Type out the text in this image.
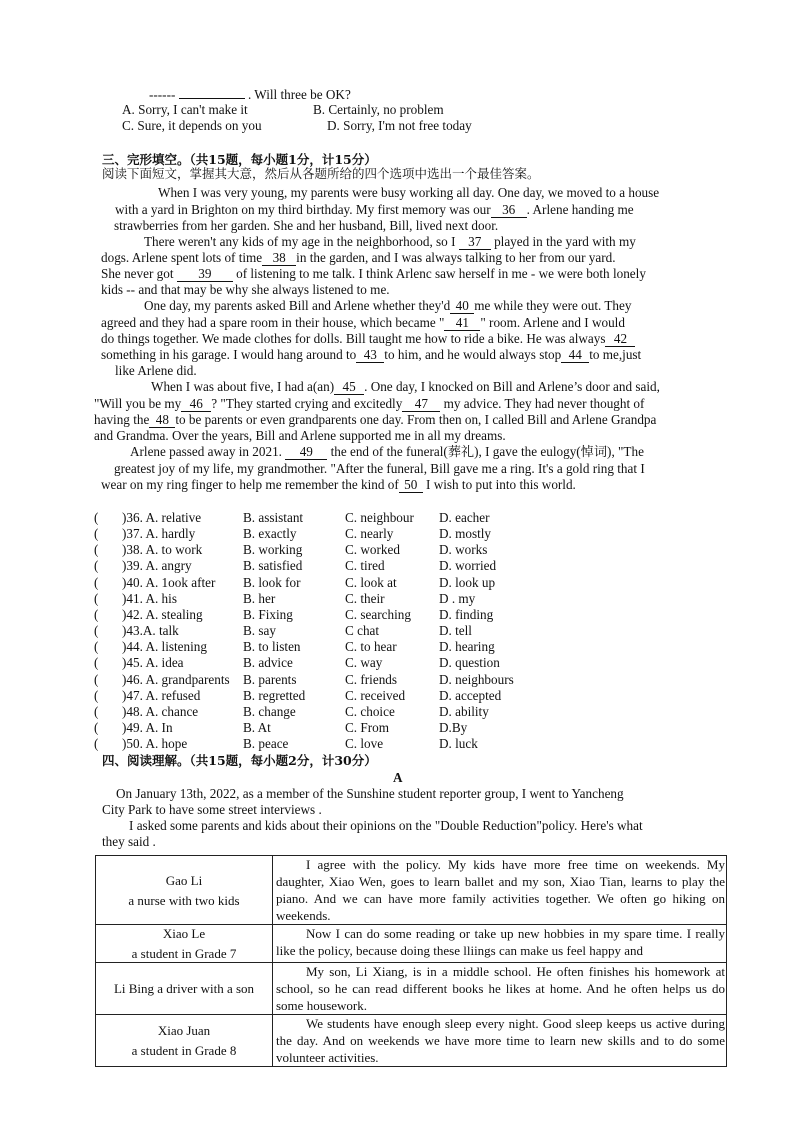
------	. Will three be OK?
A. Sorry, I can't make it	B. Certainly, no problem
C. Sure, it depends on you	D. Sorry, I'm not free today
三、完形填空。（共15题，每小题1分，计15分）
阅读下面短文，掌握其大意，然后从各题所给的四个选项中选出一个最佳答案。
When I was very young, my parents were busy working all day. One day, we moved to a house
with a yard in Brighton on my third birthday. My first memory was our 36 . Arlene handing me
strawberries from her garden. She and her husband, Bill, lived next door.
There weren't any kids of my age in the neighborhood, so I 37 played in the yard with my
dogs. Arlene spent lots of time 38 in the garden, and I was always talking to her from our yard.
She never got 39 of listening to me talk. I think Arlenc saw herself in me - we were both lonely
kids -- and that may be why she always listened to me.
One day, my parents asked Bill and Arlene whether they'd 40 me while they were out. They
agreed and they had a spare room in their house, which became " 41 " room. Arlene and I would
do things together. We made clothes for dolls. Bill taught me how to ride a bike. He was always 42
something in his garage. I would hang around to 43 to him, and he would always stop 44 to me,just
like Arlene did.
When I was about five, I had a(an) 45 . One day, I knocked on Bill and Arlene’s door and said,
"Will you be my 46 ? "They started crying and excitedly 47 my advice. They had never thought of
having the 48 to be parents or even grandparents one day. From then on, I called Bill and Arlene Grandpa
and Grandma. Over the years, Bill and Arlene supported me in all my dreams.
Arlene passed away in 2021. 49 the end of the funeral(葬礼), I gave the eulogy(悼词), "The
greatest joy of my life, my grandmother. "After the funeral, Bill gave me a ring. It's a gold ring that I
wear on my ring finger to help me remember the kind of 50 I wish to put into this world.
( )36. A. relative	B. assistant	C. neighbour D. eacher
( )37. A. hardly	B. exactly	C. nearly	D. mostly
( )38. A. to work	B. working	C. worked	D. works
( )39. A. angry	B. satisfied	C. tired	D. worried
( )40. A. 1ook after B. look for	C. look at	D. look up
( )41. A. his	B. her	C. their	D . my
( )42. A. stealing	B. Fixing	C. searching D. finding
( )43.A. talk	B. say	C chat	D. tell
( )44. A. listening	B. to listen	C. to hear	D. hearing
( )45. A. idea	B. advice	C. way	D. question
( )46. A. grandparents B. parents	C. friends	D. neighbours
( )47. A. refused	B. regretted	C. received	D. accepted
( )48. A. chance	B. change	C. choice	D. ability
( )49. A. In	B. At	C. From	D.By
( )50. A. hope	B. peace	C. love	D. luck
四、阅读理解。（共15题，每小题2分，计30分）
A
On January 13th, 2022, as a member of the Sunshine student reporter group, I went to Yancheng
City Park to have some street interviews .
I asked some parents and kids about their opinions on the "Double Reduction"policy. Here's what
they said .
Gao Li
a nurse with two kids	I agree with the policy. My kids have more free time on weekends. My daughter, Xiao Wen, goes to learn ballet and my son, Xiao Tian, learns to play the piano. And we can have more family activities together. We often go hiking on weekends.

Xiao Le
a student in Grade 7	Now I can do some reading or take up new hobbies in my spare time. I really like the policy, because doing these lliings can make us feel happy and

Li Bing a driver with a son	My son, Li Xiang, is in a middle school. He often finishes his homework at school, so he can read different books he likes at home. And he often helps us do some housework.

Xiao Juan
a student in Grade 8	We students have enough sleep every night. Good sleep keeps us active during the day. And on weekends we have more time to learn new skills and to do some volunteer activities.
